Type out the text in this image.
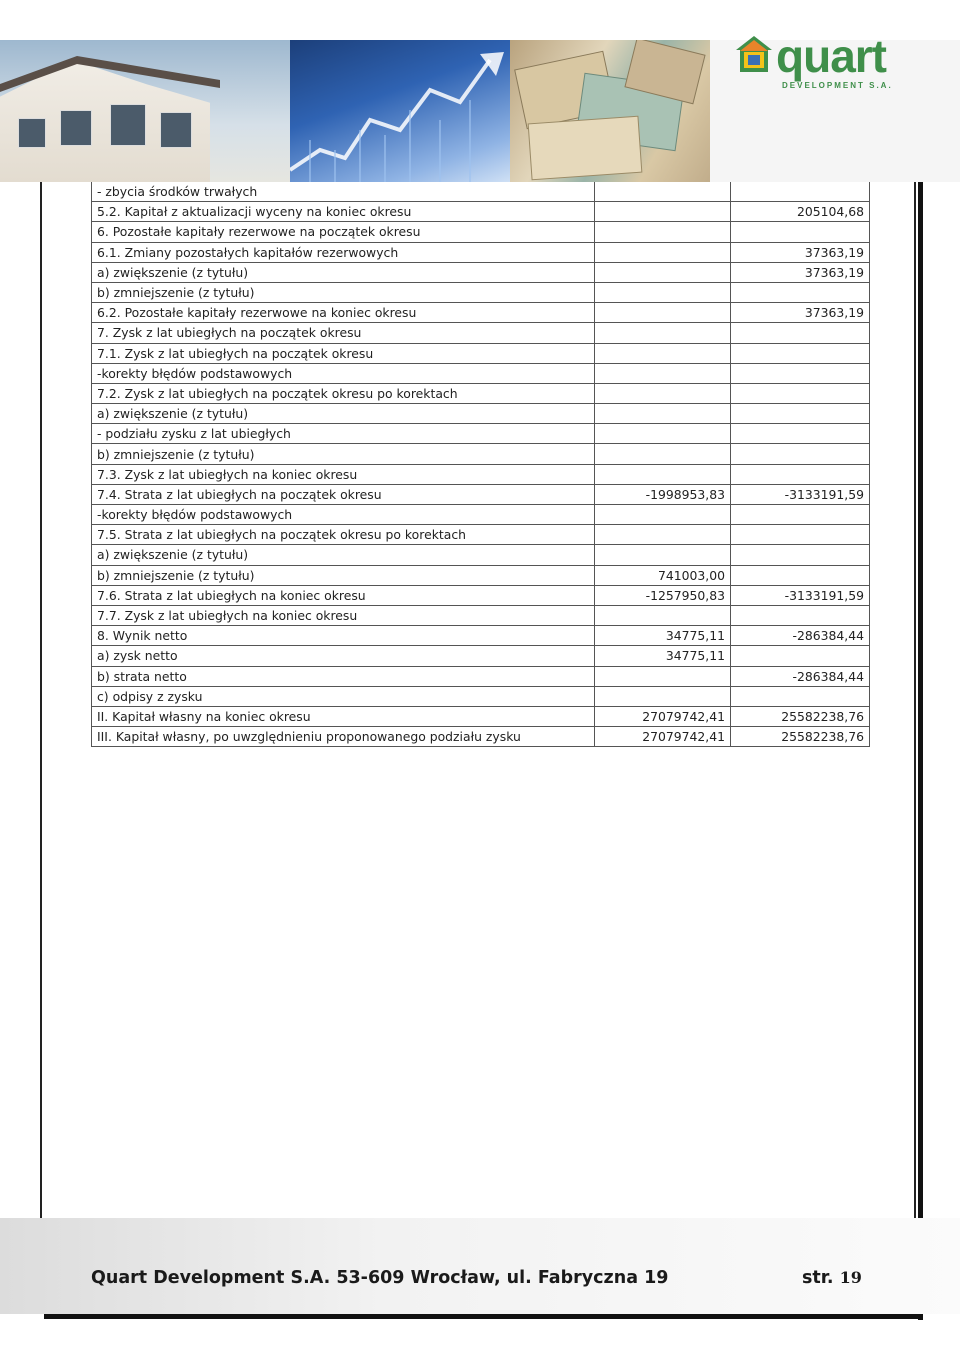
quart
DEVELOPMENT S.A.
- zbycia środków trwałych		
5.2. Kapitał z aktualizacji wyceny na koniec okresu		205104,68
6. Pozostałe kapitały rezerwowe na początek okresu		
6.1. Zmiany pozostałych kapitałów rezerwowych		37363,19
a) zwiększenie (z tytułu)		37363,19
b) zmniejszenie (z tytułu)		
6.2. Pozostałe kapitały rezerwowe na koniec okresu		37363,19
7. Zysk z lat ubiegłych na początek okresu		
7.1. Zysk z lat ubiegłych na początek okresu		
-korekty błędów podstawowych		
7.2. Zysk z lat ubiegłych na początek okresu po korektach		
a) zwiększenie (z tytułu)		
- podziału zysku z lat ubiegłych		
b) zmniejszenie (z tytułu)		
7.3. Zysk z lat ubiegłych na koniec okresu		
7.4. Strata z lat ubiegłych na początek okresu	-1998953,83	-3133191,59
-korekty błędów podstawowych		
7.5. Strata z lat ubiegłych na początek okresu po korektach		
a) zwiększenie (z tytułu)		
b) zmniejszenie (z tytułu)	741003,00	
7.6. Strata z lat ubiegłych na koniec okresu	-1257950,83	-3133191,59
7.7. Zysk z lat ubiegłych na koniec okresu		
8. Wynik netto	34775,11	-286384,44
a) zysk netto	34775,11	
b) strata netto		-286384,44
c) odpisy z zysku		
II. Kapitał własny na koniec okresu	27079742,41	25582238,76
III. Kapitał własny, po uwzględnieniu proponowanego podziału zysku	27079742,41	25582238,76
Quart Development S.A. 53-609 Wrocław, ul. Fabryczna 19	str. 19
